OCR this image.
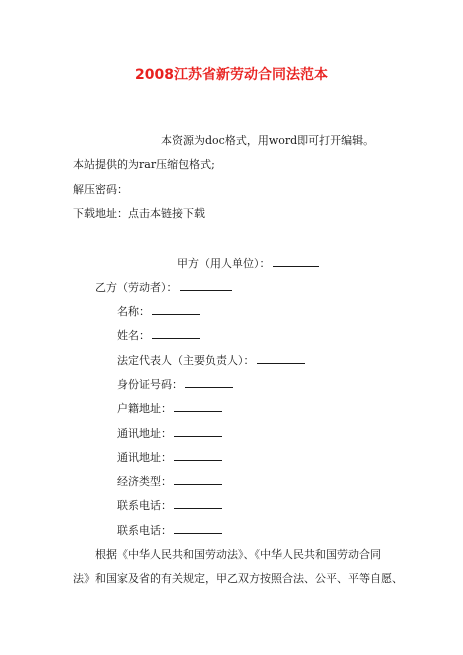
2008江苏省新劳动合同法范本
本资源为doc格式，用word即可打开编辑。
本站提供的为rar压缩包格式;
解压密码：
下载地址：点击本链接下载
甲方（用人单位）：
乙方（劳动者）：
名称：
姓名：
法定代表人（主要负责人）：
身份证号码：
户籍地址：
通讯地址：
通讯地址：
经济类型：
联系电话：
联系电话：
根据《中华人民共和国劳动法》、《中华人民共和国劳动合同
法》和国家及省的有关规定，甲乙双方按照合法、公平、平等自愿、
